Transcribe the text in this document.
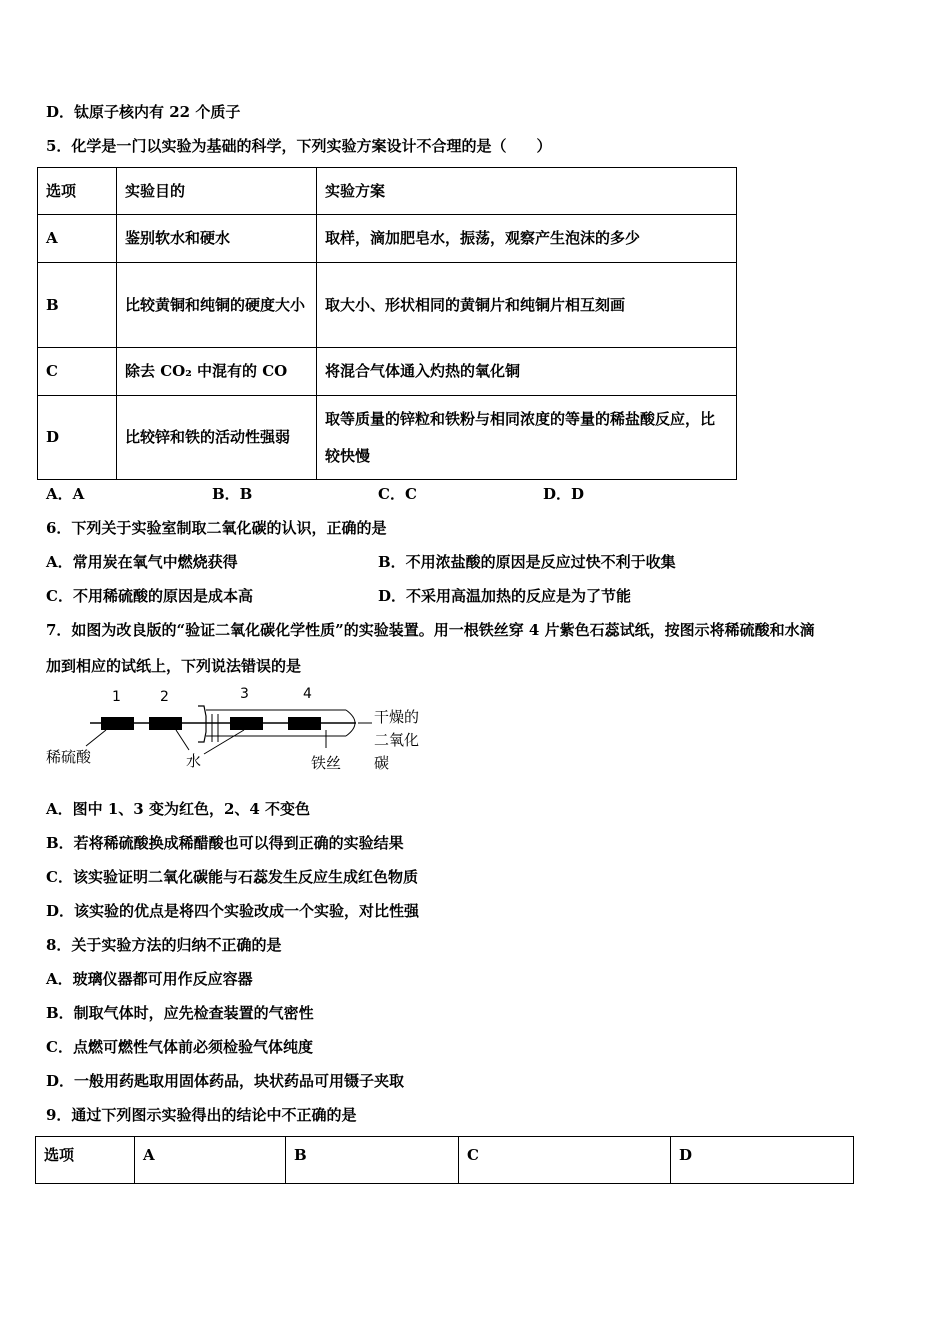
D．钛原子核内有 22 个质子
5．化学是一门以实验为基础的科学，下列实验方案设计不合理的是（　　）
选项	实验目的	实验方案
A	鉴别软水和硬水	取样，滴加肥皂水，振荡，观察产生泡沫的多少
B	比较黄铜和纯铜的硬度大小	取大小、形状相同的黄铜片和纯铜片相互刻画
C	除去 CO₂ 中混有的 CO	将混合气体通入灼热的氧化铜
D	比较锌和铁的活动性强弱	取等质量的锌粒和铁粉与相同浓度的等量的稀盐酸反应，比较快慢
A．A	B．B	C．C	D．D
6．下列关于实验室制取二氧化碳的认识，正确的是
A．常用炭在氧气中燃烧获得	B．不用浓盐酸的原因是反应过快不利于收集
C．不用稀硫酸的原因是成本高	D．不采用高温加热的反应是为了节能
7．如图为改良版的“验证二氧化碳化学性质”的实验装置。用一根铁丝穿 4 片紫色石蕊试纸，按图示将稀硫酸和水滴
加到相应的试纸上，下列说法错误的是
1	2	3	4
稀硫酸	水	铁丝
干燥的
二氧化
碳
A．图中 1、3 变为红色，2、4 不变色
B．若将稀硫酸换成稀醋酸也可以得到正确的实验结果
C．该实验证明二氧化碳能与石蕊发生反应生成红色物质
D．该实验的优点是将四个实验改成一个实验，对比性强
8．关于实验方法的归纳不正确的是
A．玻璃仪器都可用作反应容器
B．制取气体时，应先检查装置的气密性
C．点燃可燃性气体前必须检验气体纯度
D．一般用药匙取用固体药品，块状药品可用镊子夹取
9．通过下列图示实验得出的结论中不正确的是
选项	A	B	C	D
